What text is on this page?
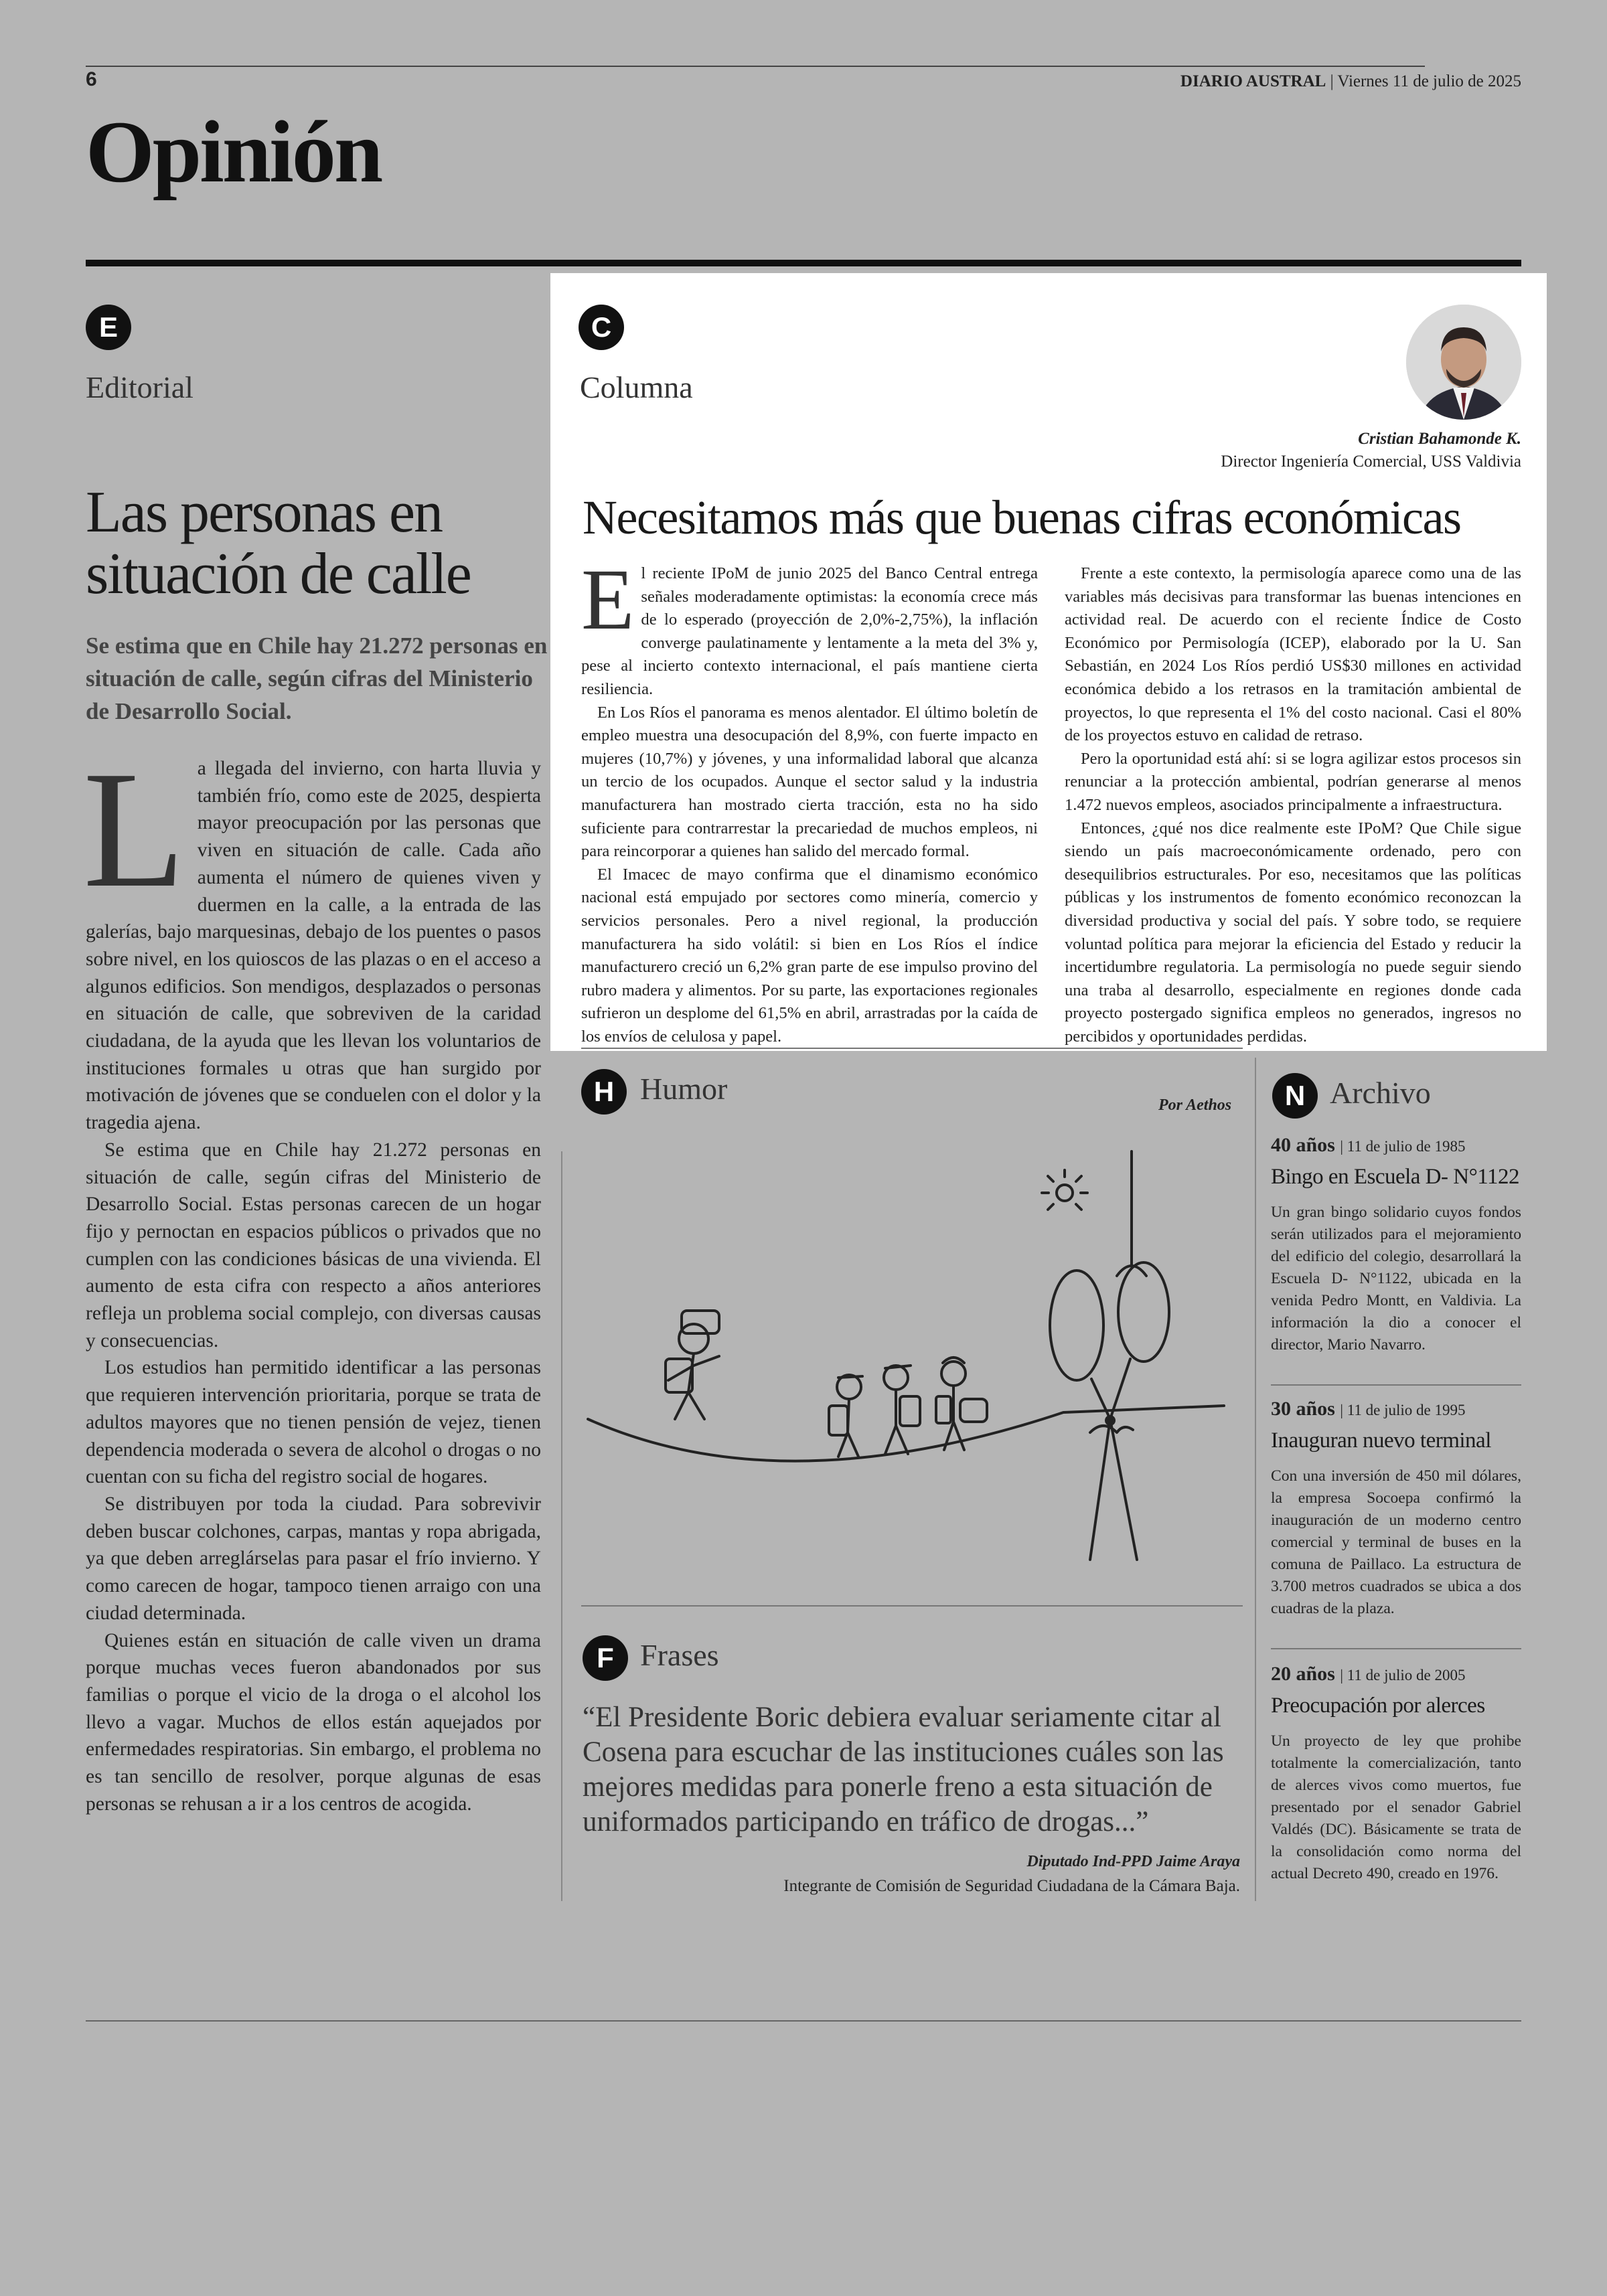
6	DIARIO AUSTRAL | Viernes 11 de julio de 2025
Opinión
E
Editorial
Las personas en
situación de calle
Se estima que en Chile hay 21.272 personas en situación de calle, según cifras del Ministerio de Desarrollo Social.

La llegada del invierno, con harta lluvia y también frío, como este de 2025, despierta mayor preocupación por las personas que viven en situación de calle. Cada año aumenta el número de quienes viven y duermen en la calle, a la entrada de las galerías, bajo marquesinas, debajo de los puentes o pasos sobre nivel, en los quioscos de las plazas o en el acceso a algunos edificios. Son mendigos, desplazados o personas en situación de calle, que sobreviven de la caridad ciudadana, de la ayuda que les llevan los voluntarios de instituciones formales u otras que han surgido por motivación de jóvenes que se conduelen con el dolor y la tragedia ajena.

Se estima que en Chile hay 21.272 personas en situación de calle, según cifras del Ministerio de Desarrollo Social. Estas personas carecen de un hogar fijo y pernoctan en espacios públicos o privados que no cumplen con las condiciones básicas de una vivienda. El aumento de esta cifra con respecto a años anteriores refleja un problema social complejo, con diversas causas y consecuencias.

Los estudios han permitido identificar a las personas que requieren intervención prioritaria, porque se trata de adultos mayores que no tienen pensión de vejez, tienen dependencia moderada o severa de alcohol o drogas o no cuentan con su ficha del registro social de hogares.

Se distribuyen por toda la ciudad. Para sobrevivir deben buscar colchones, carpas, mantas y ropa abrigada, ya que deben arreglárselas para pasar el frío invierno. Y como carecen de hogar, tampoco tienen arraigo con una ciudad determinada.

Quienes están en situación de calle viven un drama porque muchas veces fueron abandonados por sus familias o porque el vicio de la droga o el alcohol los llevo a vagar. Muchos de ellos están aquejados por enfermedades respiratorias. Sin embargo, el problema no es tan sencillo de resolver, porque algunas de esas personas se rehusan a ir a los centros de acogida.

C
Columna
Cristian Bahamonde K.
Director Ingeniería Comercial, USS Valdivia
Necesitamos más que buenas cifras económicas

El reciente IPoM de junio 2025 del Banco Central entrega señales moderadamente optimistas: la economía crece más de lo esperado (proyección de 2,0%-2,75%), la inflación converge paulatinamente y lentamente a la meta del 3% y, pese al incierto contexto internacional, el país mantiene cierta resiliencia.

En Los Ríos el panorama es menos alentador. El último boletín de empleo muestra una desocupación del 8,9%, con fuerte impacto en mujeres (10,7%) y jóvenes, y una informalidad laboral que alcanza un tercio de los ocupados. Aunque el sector salud y la industria manufacturera han mostrado cierta tracción, esta no ha sido suficiente para contrarrestar la precariedad de muchos empleos, ni para reincorporar a quienes han salido del mercado formal.

El Imacec de mayo confirma que el dinamismo económico nacional está empujado por sectores como minería, comercio y servicios personales. Pero a nivel regional, la producción manufacturera ha sido volátil: si bien en Los Ríos el índice manufacturero creció un 6,2% gran parte de ese impulso provino del rubro madera y alimentos. Por su parte, las exportaciones regionales sufrieron un desplome del 61,5% en abril, arrastradas por la caída de los envíos de celulosa y papel.

Frente a este contexto, la permisología aparece como una de las variables más decisivas para transformar las buenas intenciones en actividad real. De acuerdo con el reciente Índice de Costo Económico por Permisología (ICEP), elaborado por la U. San Sebastián, en 2024 Los Ríos perdió US$30 millones en actividad económica debido a los retrasos en la tramitación ambiental de proyectos, lo que representa el 1% del costo nacional. Casi el 80% de los proyectos estuvo en calidad de retraso.

Pero la oportunidad está ahí: si se logra agilizar estos procesos sin renunciar a la protección ambiental, podrían generarse al menos 1.472 nuevos empleos, asociados principalmente a infraestructura.

Entonces, ¿qué nos dice realmente este IPoM? Que Chile sigue siendo un país macroeconómicamente ordenado, pero con desequilibrios estructurales. Por eso, necesitamos que las políticas públicas y los instrumentos de fomento económico reconozcan la diversidad productiva y social del país. Y sobre todo, se requiere voluntad política para mejorar la eficiencia del Estado y reducir la incertidumbre regulatoria. La permisología no puede seguir siendo una traba al desarrollo, especialmente en regiones donde cada proyecto postergado significa empleos no generados, ingresos no percibidos y oportunidades perdidas.

H Humor	Por Aethos
F Frases
“El Presidente Boric debiera evaluar seriamente citar al Cosena para escuchar de las instituciones cuáles son las mejores medidas para ponerle freno a esta situación de uniformados participando en tráfico de drogas...”
Diputado Ind-PPD Jaime Araya
Integrante de Comisión de Seguridad Ciudadana de la Cámara Baja.
N Archivo
40 años | 11 de julio de 1985
Bingo en Escuela D- N°1122
Un gran bingo solidario cuyos fondos serán utilizados para el mejoramiento del edificio del colegio, desarrollará la Escuela D- N°1122, ubicada en la venida Pedro Montt, en Valdivia. La información la dio a conocer el director, Mario Navarro.
30 años | 11 de julio de 1995
Inauguran nuevo terminal
Con una inversión de 450 mil dólares, la empresa Socoepa confirmó la inauguración de un moderno centro comercial y terminal de buses en la comuna de Paillaco. La estructura de 3.700 metros cuadrados se ubica a dos cuadras de la plaza.
20 años | 11 de julio de 2005
Preocupación por alerces
Un proyecto de ley que prohibe totalmente la comercialización, tanto de alerces vivos como muertos, fue presentado por el senador Gabriel Valdés (DC). Básicamente se trata de la consolidación como norma del actual Decreto 490, creado en 1976.
